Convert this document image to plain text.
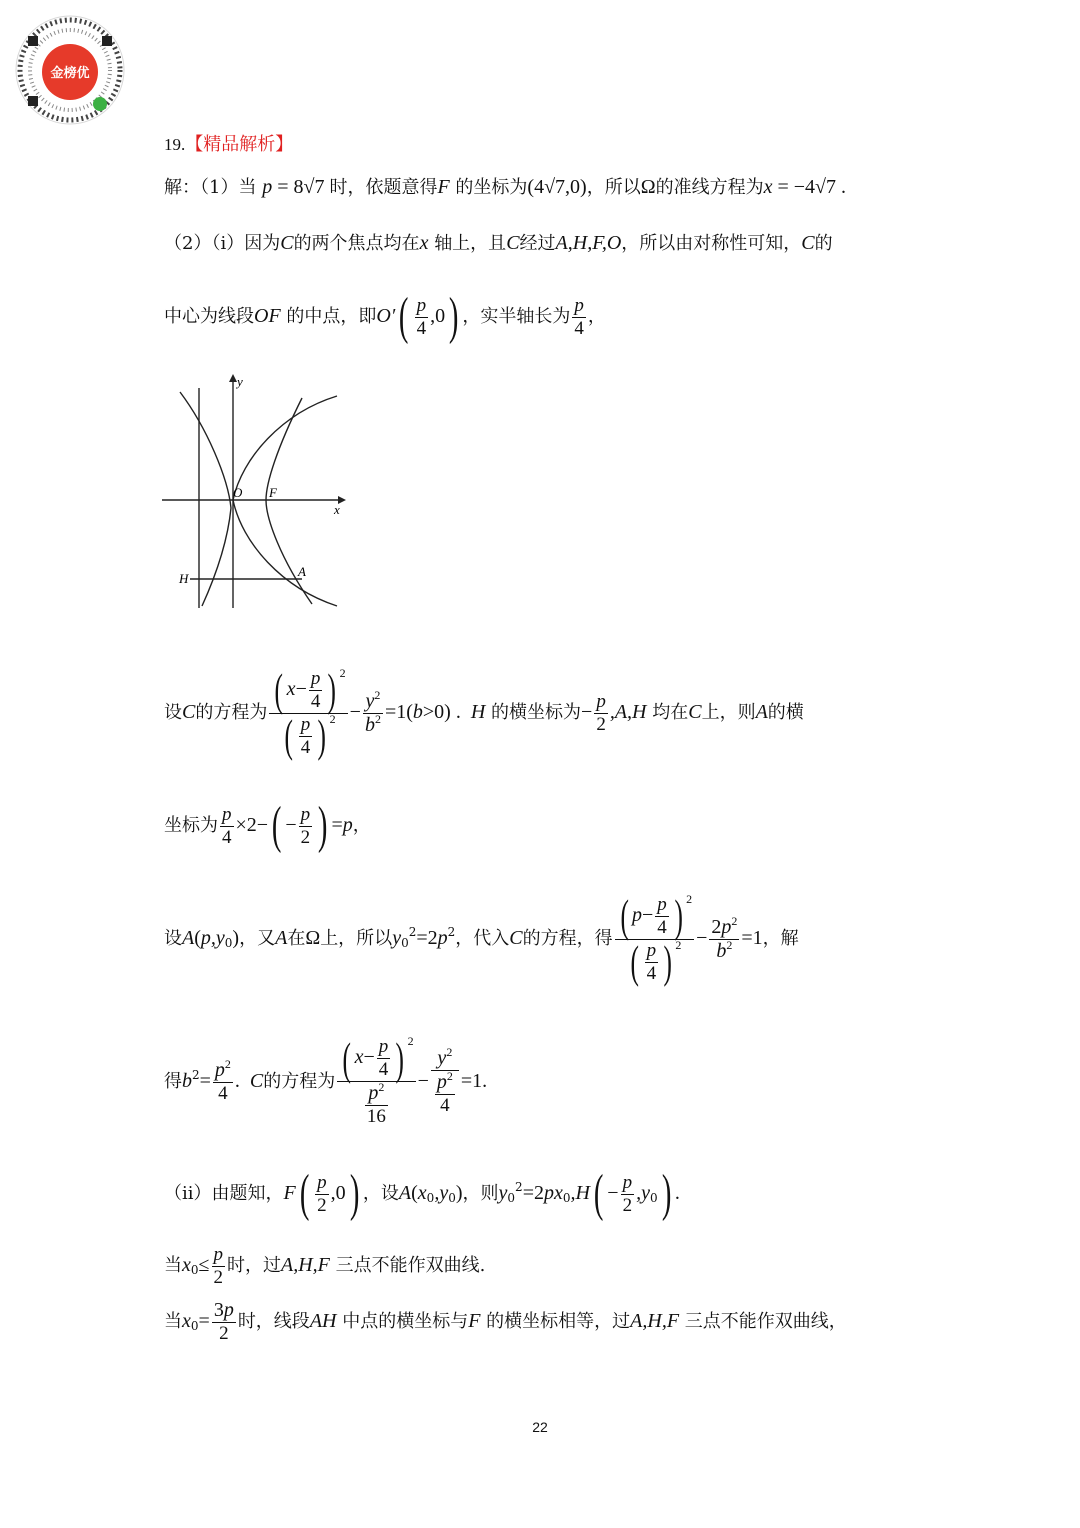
金榜优
19.【精品解析】
解：（1）当 p = 8√7 时，依题意得F 的坐标为(4√7,0)，所以Ω的准线方程为x = −4√7 .
（2）（i）因为C的两个焦点均在x 轴上，且C经过A,H,F,O，所以由对称性可知，C的
中心为线段OF 的中点，即$O'( \frac{p}{4} ,0)$ ，实半轴长为 $\frac{p}{4}$ ，
y
x
O F
H	A
设C的方程为 $\frac{( x- \frac{p}{4} ) ^2}{( \frac{p}{4} ) ^2} - \frac{y^2}{b^2} =1(b>0)$ .  H 的横坐标为− $\frac{p}{2} ,A,H$ 均在C上，则A的横
坐标为 $\frac{p}{4} \times 2-( - \frac{p}{2}$ ) =p，
设$A(p,y_0)$，又A在Ω上，所以$y_0^2=2p^2$，代入C的方程，得 $\frac{( p- \frac{p}{4} ) ^2}{( \frac{p}{4} ) ^2} - \frac{2p^2}{b^2} =1$，解
得$b^2= \frac{p^2}{4}$ .  C的方程为 $\frac{( x- \frac{p}{4} ) ^2}{\frac{p^2}{16}} - \frac{y^2}{\frac{p^2}{4}} =1$.
（ii）由题知，$F( \frac{p}{2} ,0)$ ，设$A(x_0,y_0)$，则$y_0^2=2px_0,H( - \frac{p}{2} ,y_0)$ .
当$x_0\le \frac{p}{2}$ 时，过A,H,F 三点不能作双曲线.
当$x_0= \frac{3p}{2}$ 时，线段AH 中点的横坐标与F 的横坐标相等，过A,H,F 三点不能作双曲线，
22
